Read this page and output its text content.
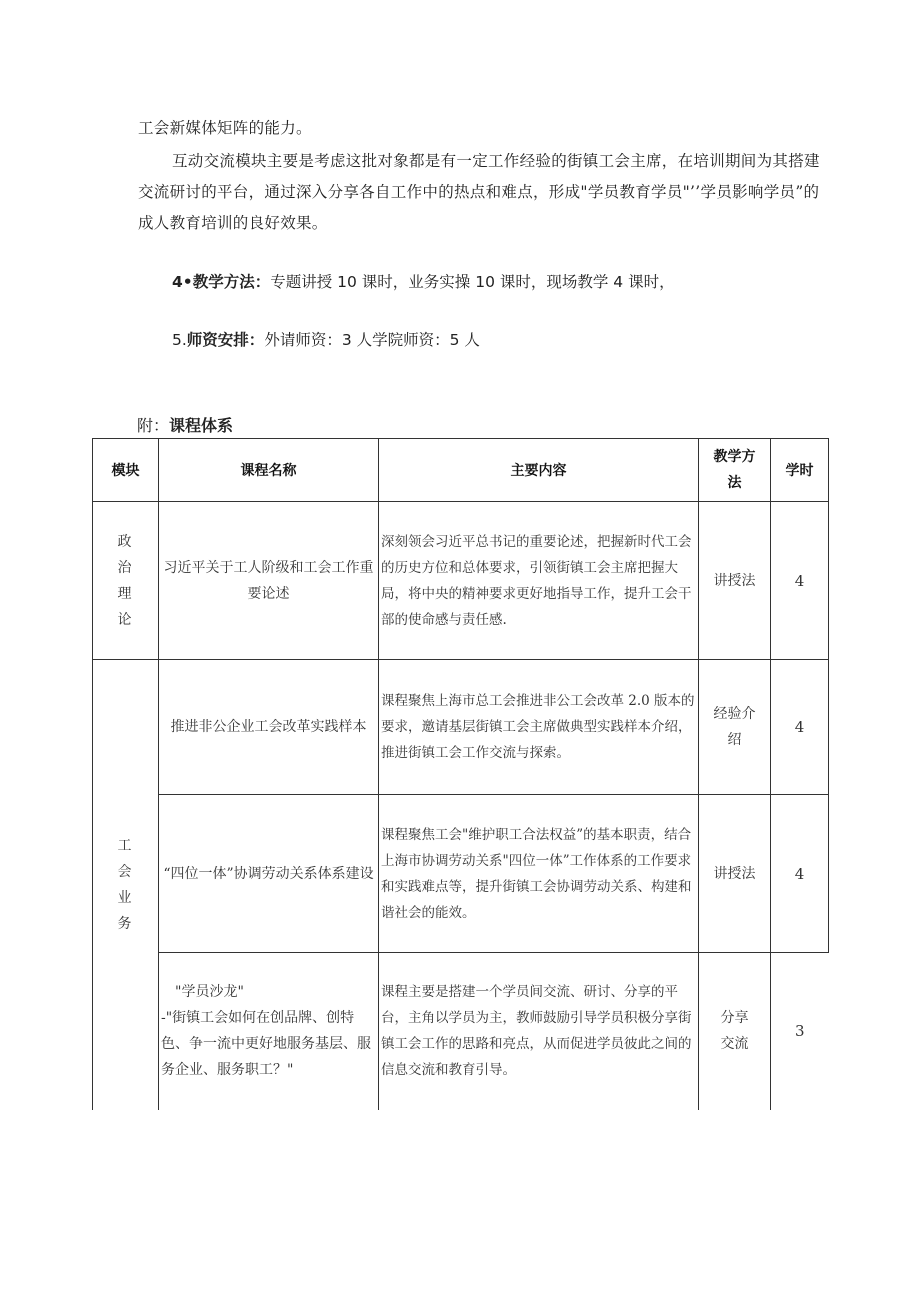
工会新媒体矩阵的能力。

互动交流模块主要是考虑这批对象都是有一定工作经验的街镇工会主席，在培训期间为其搭建交流研讨的平台，通过深入分享各自工作中的热点和难点，形成"学员教育学员"’’学员影响学员”的成人教育培训的良好效果。

4•教学方法：专题讲授 10 课时，业务实操 10 课时，现场教学 4 课时，

5.师资安排：外请师资：3 人学院师资：5 人

附：课程体系

模块	课程名称	主要内容	教学方法	学时
政治理论	习近平关于工人阶级和工会工作重要论述	深刻领会习近平总书记的重要论述，把握新时代工会的历史方位和总体要求，引领街镇工会主席把握大局，将中央的精神要求更好地指导工作，提升工会干部的使命感与责任感.	讲授法	4
工会业务	推进非公企业工会改革实践样本	课程聚焦上海市总工会推进非公工会改革 2.0 版本的要求，邀请基层街镇工会主席做典型实践样本介绍，推进街镇工会工作交流与探索。	经验介绍	4
	“四位一体”协调劳动关系体系建设	课程聚焦工会"维护职工合法权益”的基本职责，结合上海市协调劳动关系"四位一体”工作体系的工作要求和实践难点等，提升街镇工会协调劳动关系、构建和谐社会的能效。	讲授法	4

	"学员沙龙"
-"街镇工会如何在创品牌、创特色、争一流中更好地服务基层、服务企业、服务职工？"	课程主要是搭建一个学员间交流、研讨、分享的平台，主角以学员为主，教师鼓励引导学员积极分享街镇工会工作的思路和亮点，从而促进学员彼此之间的信息交流和教育引导。	分享交流	3
